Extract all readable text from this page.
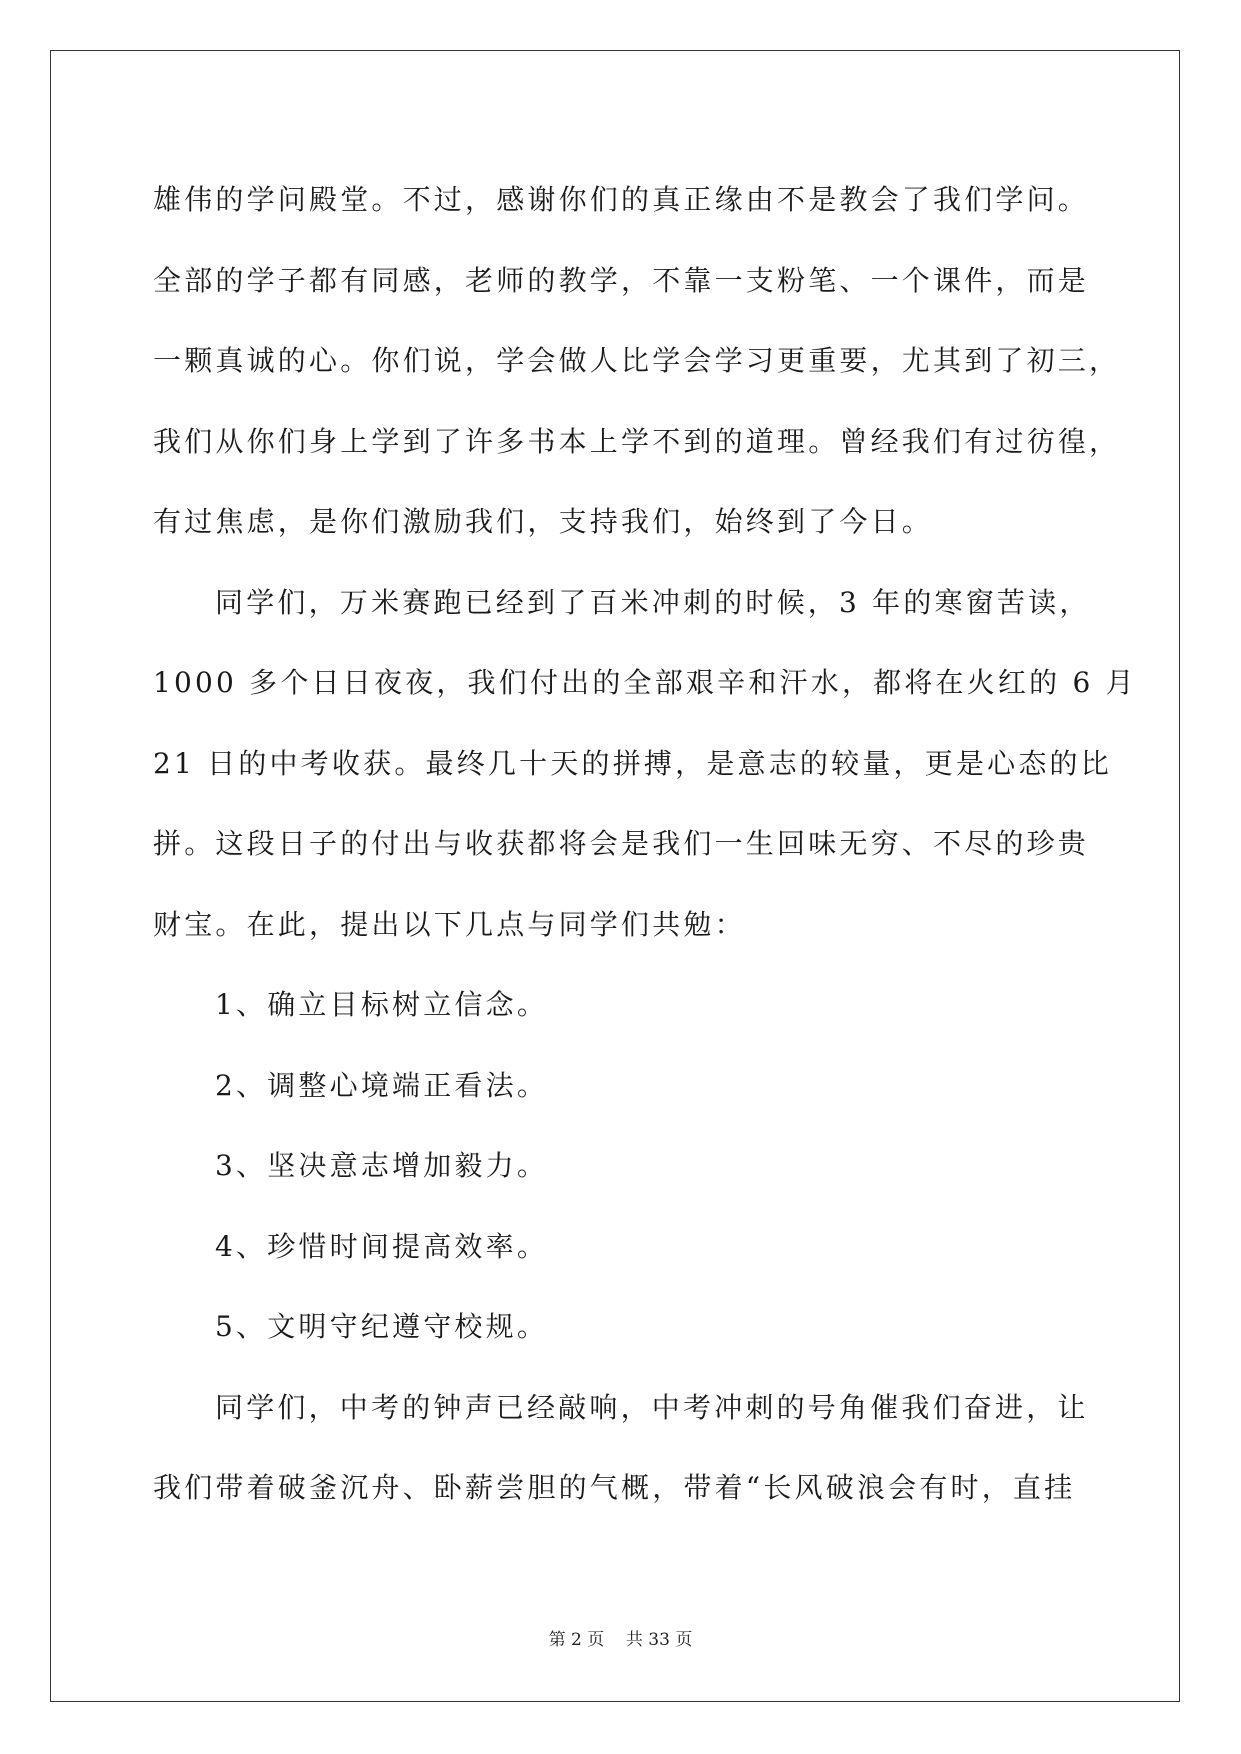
雄伟的学问殿堂。不过，感谢你们的真正缘由不是教会了我们学问。
全部的学子都有同感，老师的教学，不靠一支粉笔、一个课件，而是
一颗真诚的心。你们说，学会做人比学会学习更重要，尤其到了初三，
我们从你们身上学到了许多书本上学不到的道理。曾经我们有过彷徨，
有过焦虑，是你们激励我们，支持我们，始终到了今日。
同学们，万米赛跑已经到了百米冲刺的时候，3 年的寒窗苦读，
1000 多个日日夜夜，我们付出的全部艰辛和汗水，都将在火红的 6 月
21 日的中考收获。最终几十天的拼搏，是意志的较量，更是心态的比
拼。这段日子的付出与收获都将会是我们一生回味无穷、不尽的珍贵
财宝。在此，提出以下几点与同学们共勉：
1、确立目标树立信念。
2、调整心境端正看法。
3、坚决意志增加毅力。
4、珍惜时间提高效率。
5、文明守纪遵守校规。
同学们，中考的钟声已经敲响，中考冲刺的号角催我们奋进，让
我们带着破釜沉舟、卧薪尝胆的气概，带着“长风破浪会有时，直挂
第 2 页    共 33 页
